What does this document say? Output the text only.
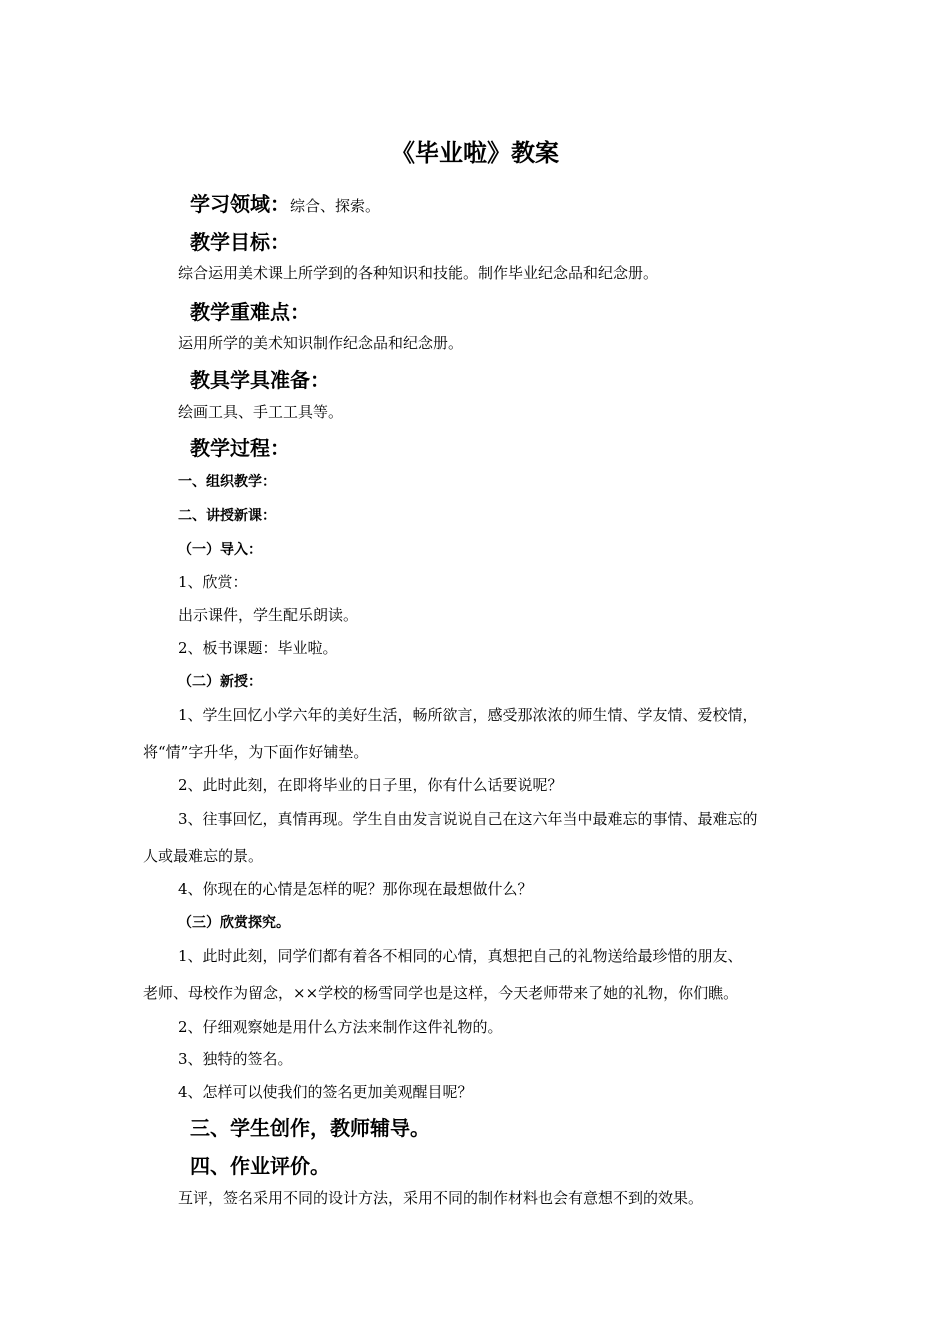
《毕业啦》教案
学习领域：综合、探索。
教学目标：
综合运用美术课上所学到的各种知识和技能。制作毕业纪念品和纪念册。
教学重难点：
运用所学的美术知识制作纪念品和纪念册。
教具学具准备：
绘画工具、手工工具等。
教学过程：
一、组织教学：
二、讲授新课：
（一）导入：
1、欣赏：
出示课件，学生配乐朗读。
2、板书课题：毕业啦。
（二）新授：
1、学生回忆小学六年的美好生活，畅所欲言，感受那浓浓的师生情、学友情、爱校情，
将“情”字升华，为下面作好铺垫。
2、此时此刻，在即将毕业的日子里，你有什么话要说呢？
3、往事回忆，真情再现。学生自由发言说说自己在这六年当中最难忘的事情、最难忘的
人或最难忘的景。
4、你现在的心情是怎样的呢？那你现在最想做什么？
（三）欣赏探究。
1、此时此刻，同学们都有着各不相同的心情，真想把自己的礼物送给最珍惜的朋友、
老师、母校作为留念，××学校的杨雪同学也是这样，今天老师带来了她的礼物，你们瞧。
2、仔细观察她是用什么方法来制作这件礼物的。
3、独特的签名。
4、怎样可以使我们的签名更加美观醒目呢？
三、学生创作，教师辅导。
四、作业评价。
互评，签名采用不同的设计方法，采用不同的制作材料也会有意想不到的效果。
